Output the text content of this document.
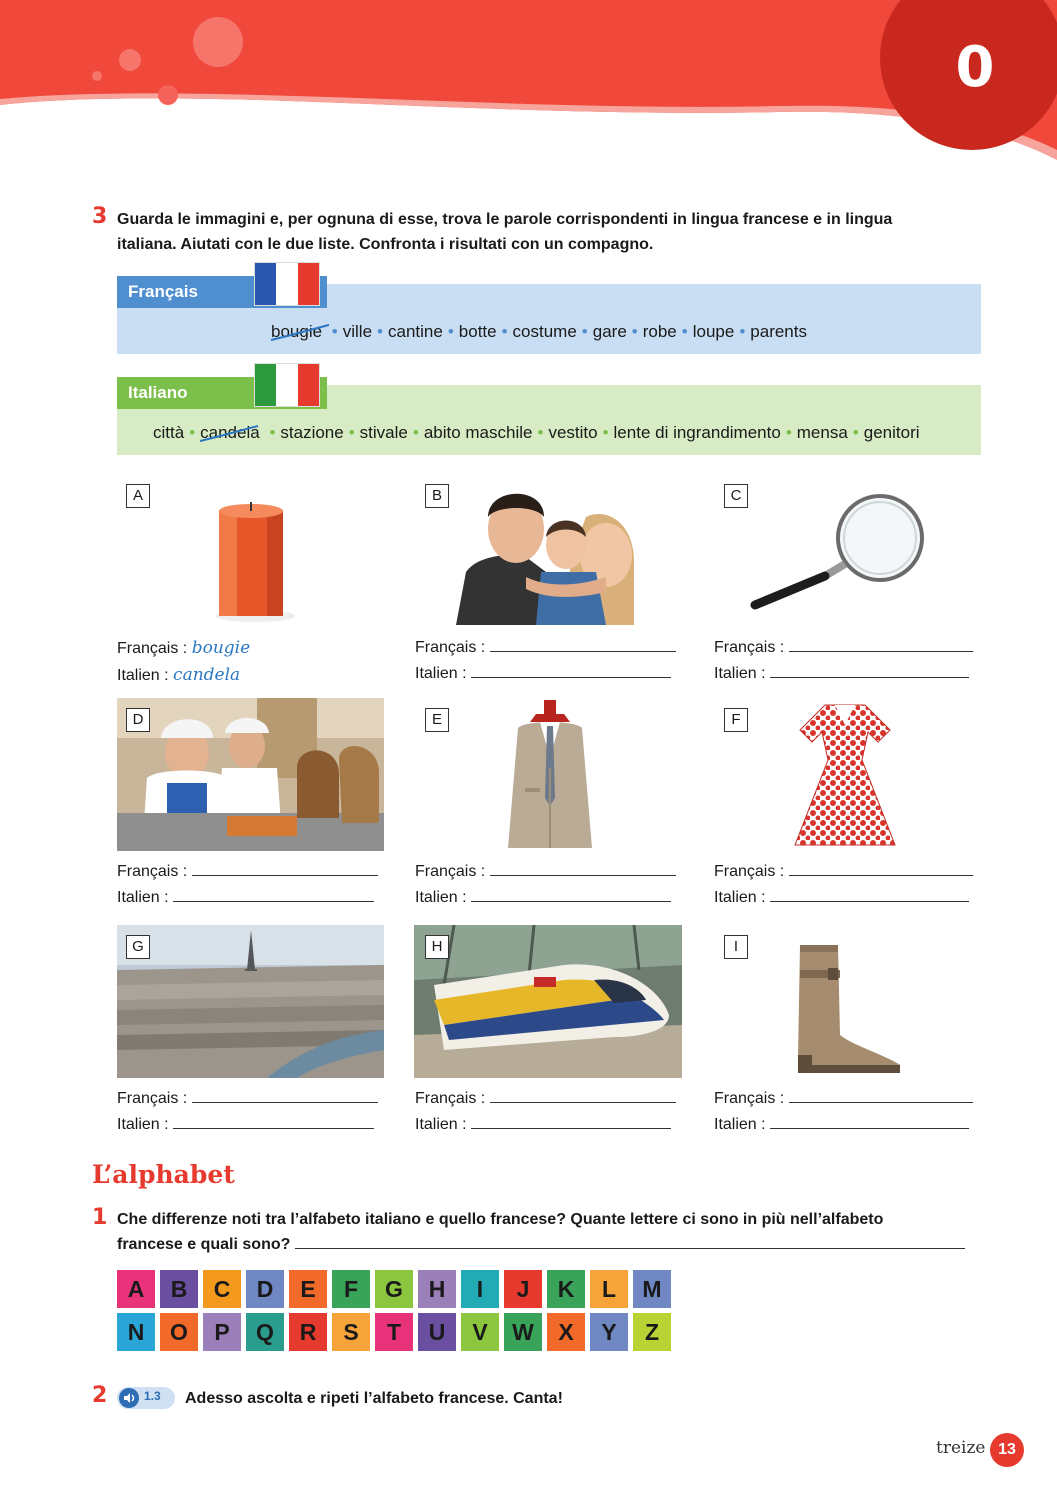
0
3 Guarda le immagini e, per ognuna di esse, trova le parole corrispondenti in lingua francese e in lingua
italiana. Aiutati con le due liste. Confronta i risultati con un compagno.
Français
bougie • ville • cantine • botte • costume • gare • robe • loupe • parents
Italiano
città • candela • stazione • stivale • abito maschile • vestito • lente di ingrandimento • mensa • genitori
A
Français : bougie
Italien : candela
B
Français :
Italien :
C
Français :
Italien :
D
Français :
Italien :
E
Français :
Italien :
F
Français :
Italien :
G
Français :
Italien :
H
Français :
Italien :
I
Français :
Italien :
L’alphabet
1 Che differenze noti tra l’alfabeto italiano e quello francese? Quante lettere ci sono in più nell’alfabeto
francese e quali sono?
A	B	C	D	E	F	G	H	I	J	K	L	M
N	O	P	Q	R	S	T	U	V	W	X	Y	Z
2	1.3 Adesso ascolta e ripeti l’alfabeto francese. Canta!
treize 13
